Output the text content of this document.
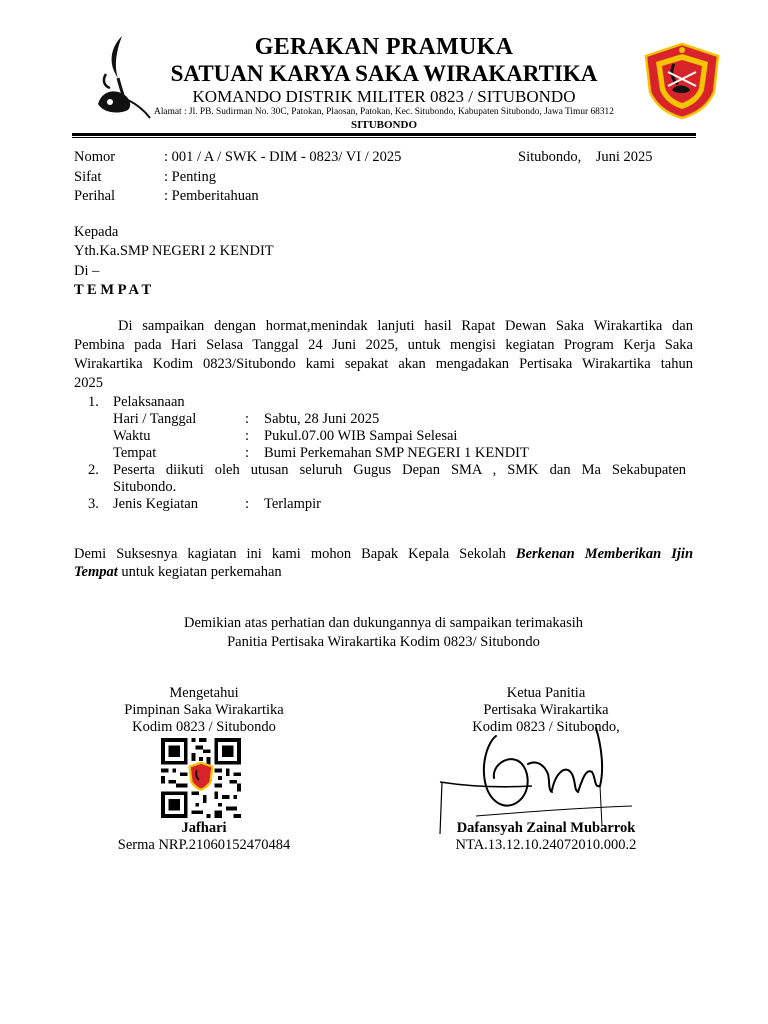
GERAKAN PRAMUKA
SATUAN KARYA SAKA WIRAKARTIKA
KOMANDO DISTRIK MILITER 0823 / SITUBONDO
Alamat : Jl. PB. Sudirman No. 30C, Patokan, Plaosan, Patokan, Kec. Situbondo, Kabupaten Situbondo, Jawa Timur 68312
SITUBONDO
Nomor	: 001 / A / SWK - DIM - 0823/ VI / 2025	Situbondo,    Juni 2025
Sifat	: Penting
Perihal	: Pemberitahuan
Kepada
Yth.Ka.SMP NEGERI 2 KENDIT
Di –
T E M P A T
Di sampaikan dengan hormat,menindak lanjuti hasil Rapat Dewan Saka Wirakartika dan
Pembina pada Hari Selasa Tanggal 24 Juni 2025, untuk mengisi kegiatan Program Kerja Saka
Wirakartika Kodim 0823/Situbondo kami sepakat akan mengadakan Pertisaka Wirakartika tahun
2025
1. Pelaksanaan
Hari / Tanggal	: Sabtu, 28 Juni 2025
Waktu	: Pukul.07.00 WIB Sampai Selesai
Tempat	: Bumi Perkemahan SMP NEGERI 1 KENDIT
2. Peserta diikuti oleh utusan seluruh Gugus Depan SMA , SMK dan Ma Sekabupaten
Situbondo.
3. Jenis Kegiatan	: Terlampir
Demi Suksesnya kagiatan ini kami mohon Bapak Kepala Sekolah Berkenan Memberikan Ijin
Tempat untuk kegiatan perkemahan
Demikian atas perhatian dan dukungannya di sampaikan terimakasih
Panitia Pertisaka Wirakartika Kodim 0823/ Situbondo
Mengetahui
Pimpinan Saka Wirakartika
Kodim 0823 / Situbondo
Jafhari
Serma NRP.21060152470484
Ketua Panitia
Pertisaka Wirakartika
Kodim 0823 / Situbondo,
Dafansyah Zainal Mubarrok
NTA.13.12.10.24072010.000.2
